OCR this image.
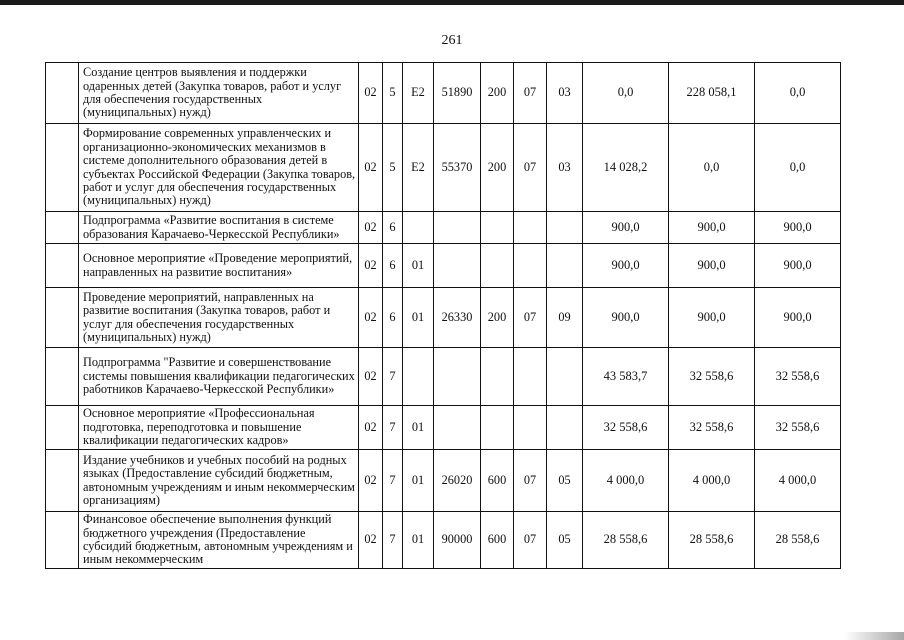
261
	Создание центров выявления и поддержки одаренных детей (Закупка товаров, работ и услуг для обеспечения государственных (муниципальных) нужд)	02	5	E2	51890	200	07	03	0,0	228 058,1	0,0
	Формирование современных управленческих и организационно-экономических механизмов в системе дополнительного образования детей в субъектах Российской Федерации (Закупка товаров, работ и услуг для обеспечения государственных (муниципальных) нужд)	02	5	E2	55370	200	07	03	14 028,2	0,0	0,0
	Подпрограмма «Развитие воспитания в системе образования Карачаево-Черкесской Республики»	02	6						900,0	900,0	900,0
	Основное мероприятие «Проведение мероприятий, направленных на развитие воспитания»	02	6	01					900,0	900,0	900,0
	Проведение мероприятий, направленных на развитие воспитания (Закупка товаров, работ и услуг для обеспечения государственных (муниципальных) нужд)	02	6	01	26330	200	07	09	900,0	900,0	900,0
	Подпрограмма "Развитие и совершенствование системы повышения квалификации педагогических работников Карачаево-Черкесской Республики»	02	7						43 583,7	32 558,6	32 558,6
	Основное мероприятие «Профессиональная подготовка, переподготовка и повышение квалификации педагогических кадров»	02	7	01					32 558,6	32 558,6	32 558,6
	Издание учебников и учебных пособий на родных языках (Предоставление субсидий бюджетным, автономным учреждениям и иным некоммерческим организациям)	02	7	01	26020	600	07	05	4 000,0	4 000,0	4 000,0
	Финансовое обеспечение выполнения функций бюджетного учреждения (Предоставление субсидий бюджетным, автономным учреждениям и иным некоммерческим	02	7	01	90000	600	07	05	28 558,6	28 558,6	28 558,6
